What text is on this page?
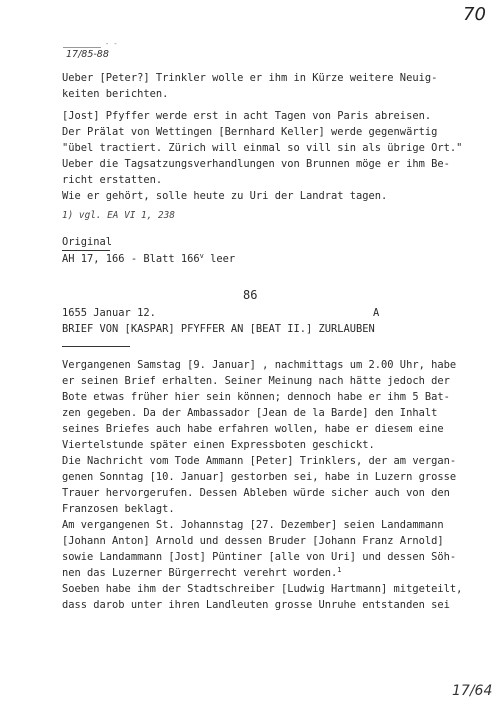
70
- -
17/85-88
Ueber [Peter?] Trinkler wolle er ihm in Kürze weitere Neuig-
keiten berichten.
[Jost] Pfyffer werde erst in acht Tagen von Paris abreisen.
Der Prälat von Wettingen [Bernhard Keller] werde gegenwärtig
"übel tractiert. Zürich will einmal so vill sin als übrige Ort."
Ueber die Tagsatzungsverhandlungen von Brunnen möge er ihm Be-
richt erstatten.
Wie er gehört, solle heute zu Uri der Landrat tagen.
1) vgl. EA VI 1, 238
Original
AH 17, 166 - Blatt 166$^v$ leer
86
1655 Januar 12.	A
BRIEF VON [KASPAR] PFYFFER AN [BEAT II.] ZURLAUBEN
Vergangenen Samstag [9. Januar] , nachmittags um 2.00 Uhr, habe
er seinen Brief erhalten. Seiner Meinung nach hätte jedoch der
Bote etwas früher hier sein können; dennoch habe er ihm 5 Bat-
zen gegeben. Da der Ambassador [Jean de la Barde] den Inhalt
seines Briefes auch habe erfahren wollen, habe er diesem eine
Viertelstunde später einen Expressboten geschickt.
Die Nachricht vom Tode Ammann [Peter] Trinklers, der am vergan-
genen Sonntag [10. Januar] gestorben sei, habe in Luzern grosse
Trauer hervorgerufen. Dessen Ableben würde sicher auch von den
Franzosen beklagt.
Am vergangenen St. Johannstag [27. Dezember] seien Landammann
[Johann Anton] Arnold und dessen Bruder [Johann Franz Arnold]
sowie Landammann [Jost] Püntiner [alle von Uri] und dessen Söh-
nen das Luzerner Bürgerrecht verehrt worden.$^1$
Soeben habe ihm der Stadtschreiber [Ludwig Hartmann] mitgeteilt,
dass darob unter ihren Landleuten grosse Unruhe entstanden sei
17/64
